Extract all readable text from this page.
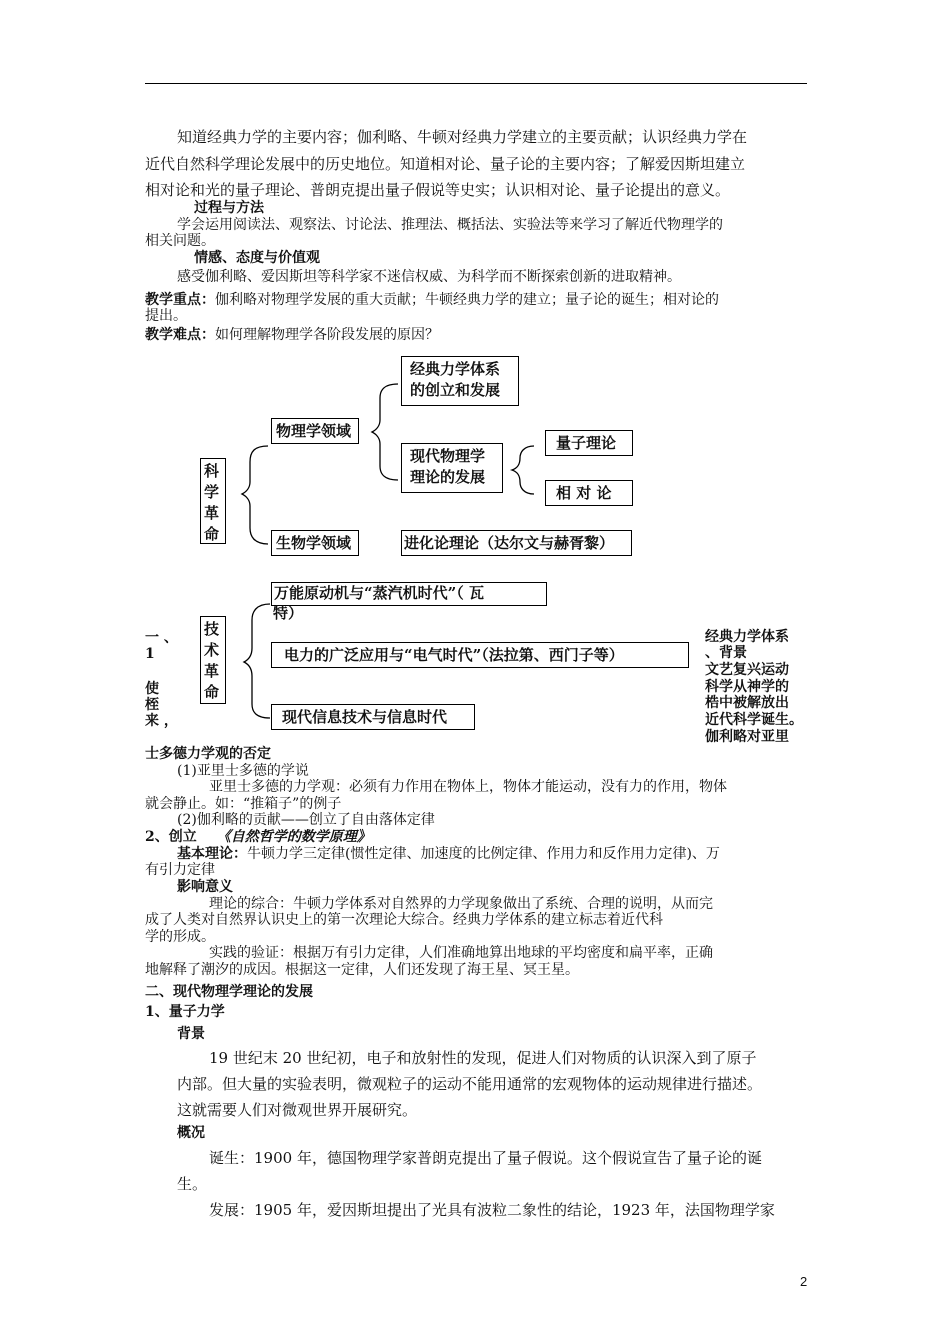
知道经典力学的主要内容；伽利略、牛顿对经典力学建立的主要贡献；认识经典力学在
近代自然科学理论发展中的历史地位。知道相对论、量子论的主要内容；了解爱因斯坦建立
相对论和光的量子理论、普朗克提出量子假说等史实；认识相对论、量子论提出的意义。
过程与方法
学会运用阅读法、观察法、讨论法、推理法、概括法、实验法等来学习了解近代物理学的
相关问题。
情感、态度与价值观
感受伽利略、爱因斯坦等科学家不迷信权威、为科学而不断探索创新的进取精神。
教学重点：伽利略对物理学发展的重大贡献；牛顿经典力学的建立；量子论的诞生；相对论的
提出。
教学难点：如何理解物理学各阶段发展的原因？
科
学
革
命
物理学领域
生物学领域
经典力学体系
的创立和发展
现代物理学
理论的发展
量子理论
相 对 论
进化论理论（达尔文与赫胥黎）
技
术
革
命
万能原动机与“蒸汽机时代”（ 瓦
特）
电力的广泛应用与“电气时代”（法拉第、西门子等）
现代信息技术与信息时代
一 、
1
使
桎
来 ，
经典力学体系
、背景
文艺复兴运动
科学从神学的
梏中被解放出
近代科学诞生。
伽利略对亚里
士多德力学观的否定
(1)亚里士多德的学说
亚里士多德的力学观：必须有力作用在物体上，物体才能运动，没有力的作用，物体
就会静止。如：“推箱子”的例子
(2)伽利略的贡献——创立了自由落体定律
2、创立 《自然哲学的数学原理》
基本理论：牛顿力学三定律(惯性定律、加速度的比例定律、作用力和反作用力定律)、万
有引力定律
影响意义
理论的综合：牛顿力学体系对自然界的力学现象做出了系统、合理的说明，从而完
成了人类对自然界认识史上的第一次理论大综合。经典力学体系的建立标志着近代科
学的形成。
实践的验证：根据万有引力定律，人们准确地算出地球的平均密度和扁平率，正确
地解释了潮汐的成因。根据这一定律，人们还发现了海王星、冥王星。
二、现代物理学理论的发展
1、量子力学
背景
19 世纪末 20 世纪初，电子和放射性的发现，促进人们对物质的认识深入到了原子
内部。但大量的实验表明，微观粒子的运动不能用通常的宏观物体的运动规律进行描述。
这就需要人们对微观世界开展研究。
概况
诞生：1900 年，德国物理学家普朗克提出了量子假说。这个假说宣告了量子论的诞
生。
发展：1905 年，爱因斯坦提出了光具有波粒二象性的结论，1923 年，法国物理学家
2
